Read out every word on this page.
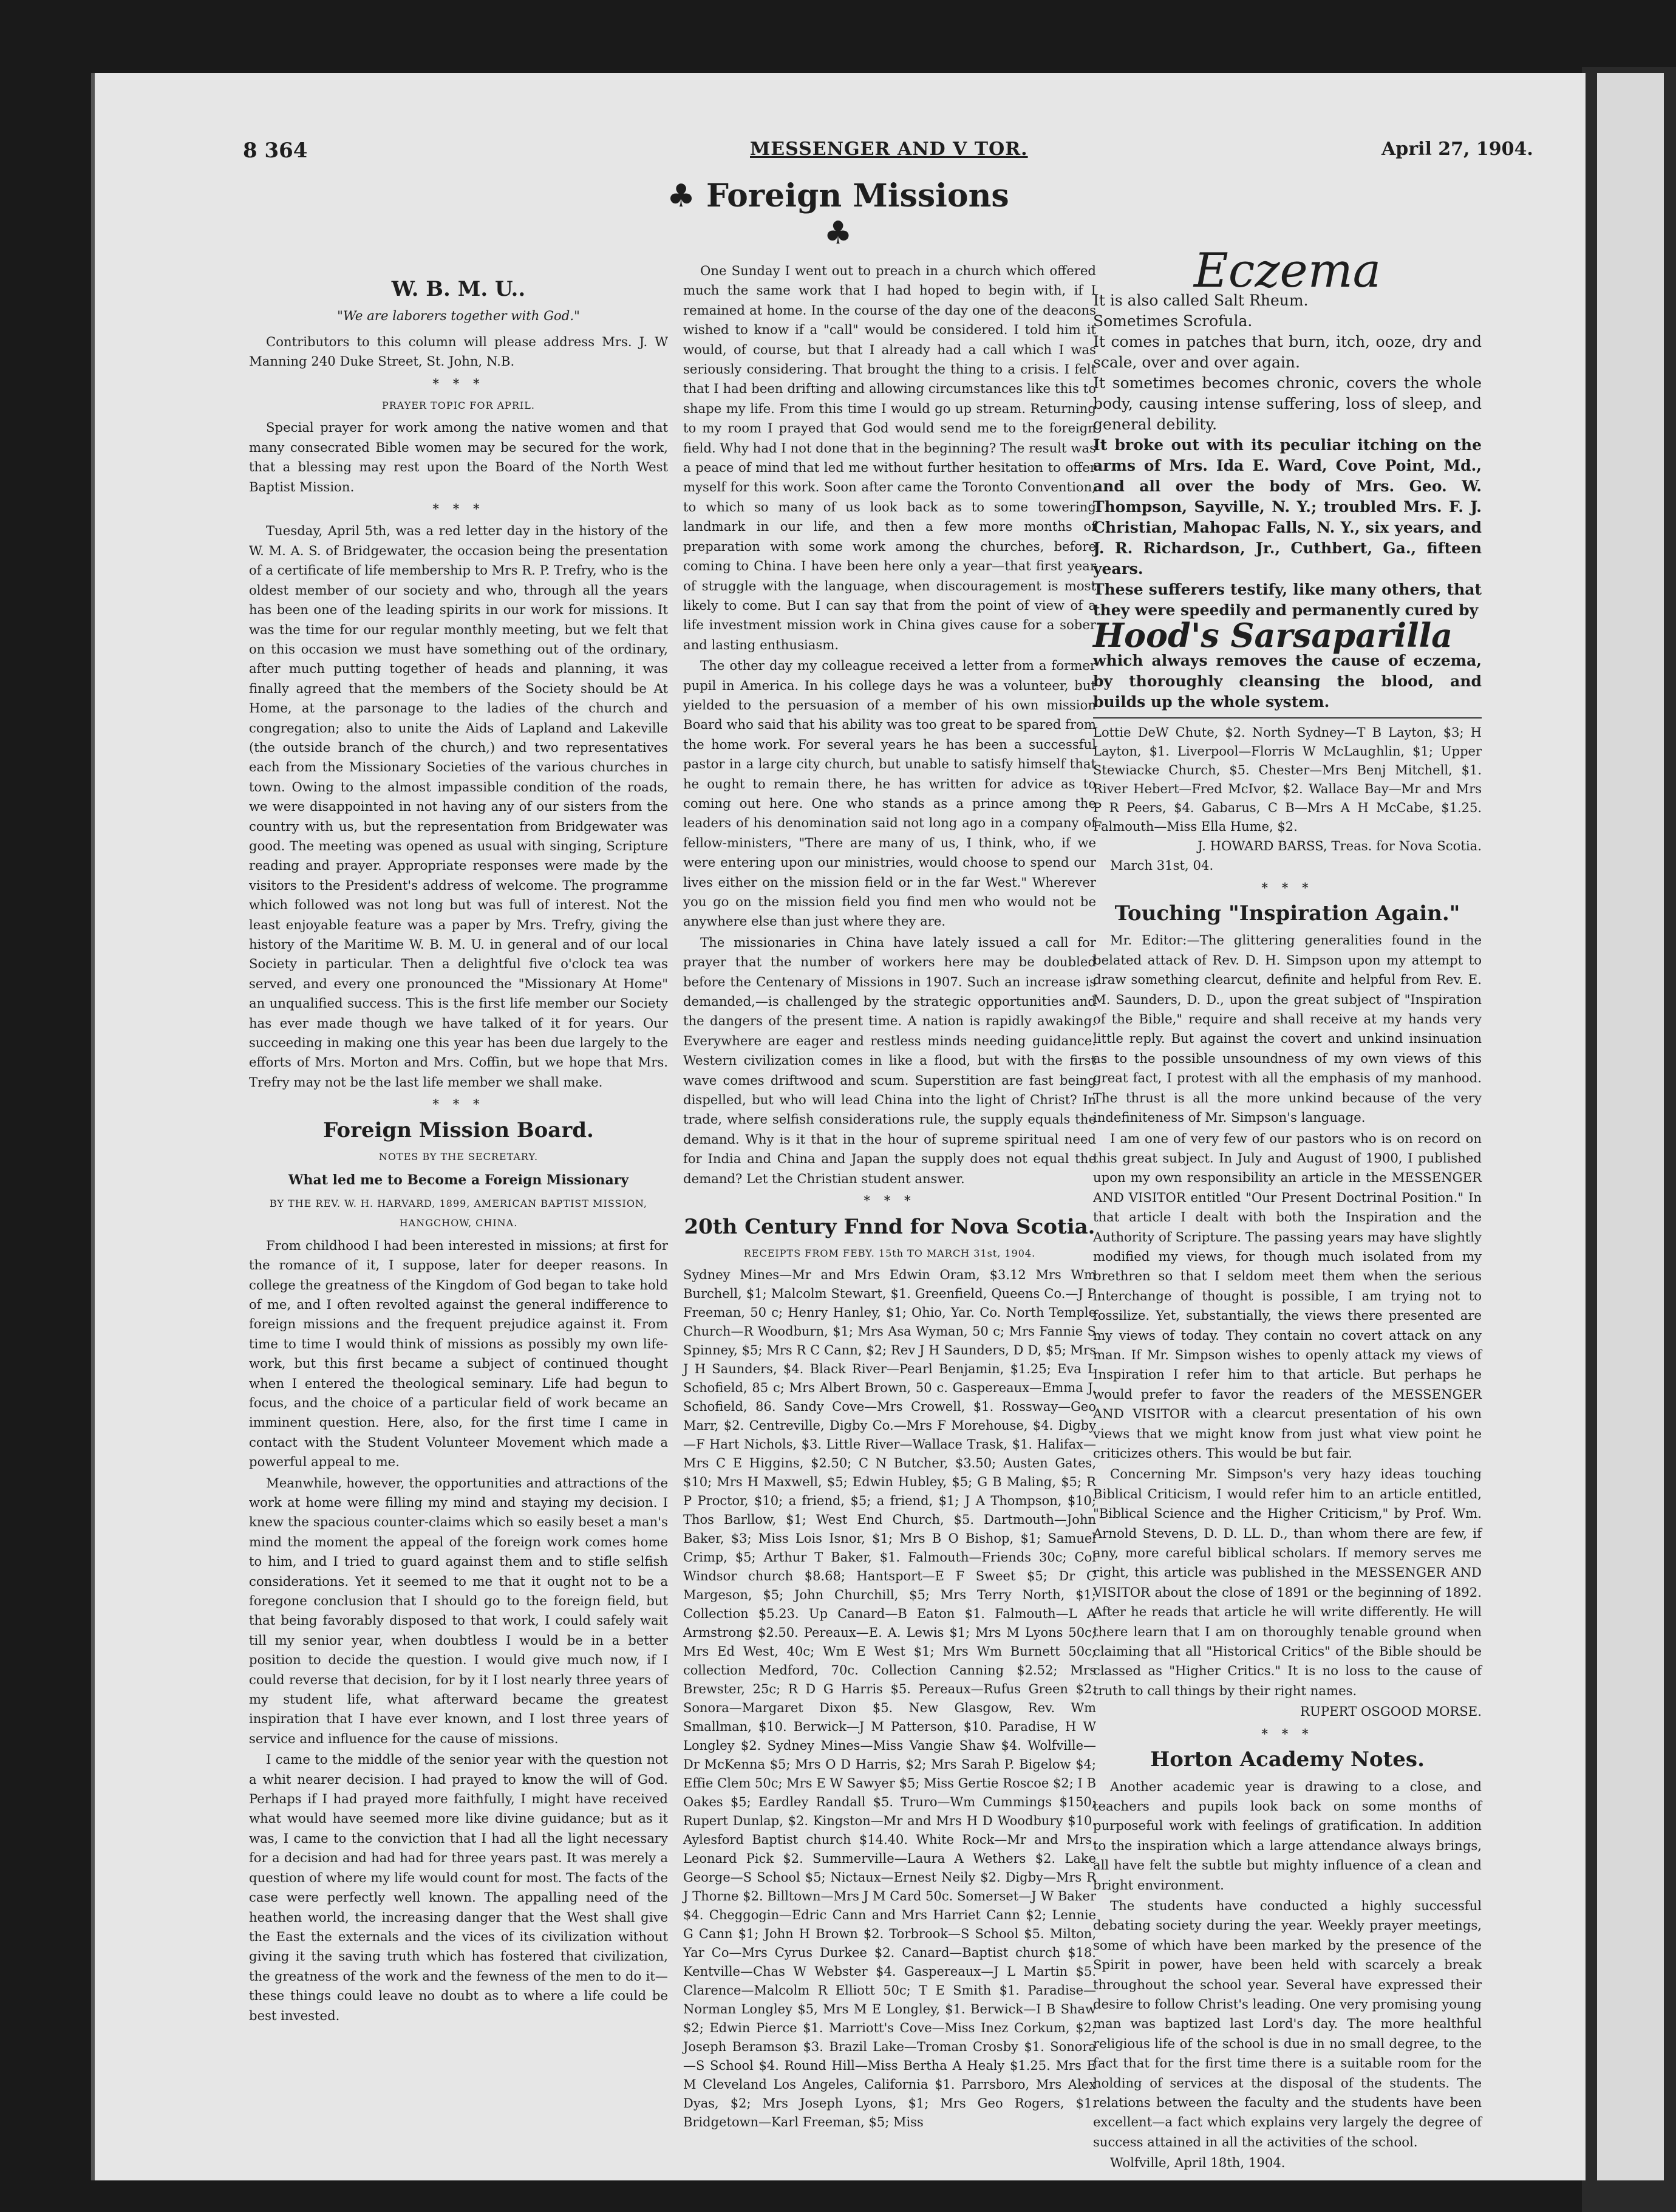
8 364	MESSENGER AND V TOR.	April 27, 1904.
♣ Foreign Missions ♣
W. B. M. U..
"We are laborers together with God."

Contributors to this column will please address Mrs. J. W Manning 240 Duke Street, St. John, N.B.

* * *
PRAYER TOPIC FOR APRIL.

Special prayer for work among the native women and that many consecrated Bible women may be secured for the work, that a blessing may rest upon the Board of the North West Baptist Mission.

* * *

Tuesday, April 5th, was a red letter day in the history of the W. M. A. S. of Bridgewater, the occasion being the presentation of a certificate of life membership to Mrs R. P. Trefry, who is the oldest member of our society and who, through all the years has been one of the leading spirits in our work for missions. It was the time for our regular monthly meeting, but we felt that on this occasion we must have something out of the ordinary, after much putting together of heads and planning, it was finally agreed that the members of the Society should be At Home, at the parsonage to the ladies of the church and congregation; also to unite the Aids of Lapland and Lakeville (the outside branch of the church,) and two representatives each from the Missionary Societies of the various churches in town. Owing to the almost impassible condition of the roads, we were disappointed in not having any of our sisters from the country with us, but the representation from Bridgewater was good. The meeting was opened as usual with singing, Scripture reading and prayer. Appropriate responses were made by the visitors to the President's address of welcome. The programme which followed was not long but was full of interest. Not the least enjoyable feature was a paper by Mrs. Trefry, giving the history of the Maritime W. B. M. U. in general and of our local Society in particular. Then a delightful five o'clock tea was served, and every one pronounced the "Missionary At Home" an unqualified success. This is the first life member our Society has ever made though we have talked of it for years. Our succeeding in making one this year has been due largely to the efforts of Mrs. Morton and Mrs. Coffin, but we hope that Mrs. Trefry may not be the last life member we shall make.

* * *
Foreign Mission Board.
NOTES BY THE SECRETARY.
What led me to Become a Foreign Missionary
BY THE REV. W. H. HARVARD, 1899, AMERICAN BAPTIST MISSION, HANGCHOW, CHINA.

From childhood I had been interested in missions; at first for the romance of it, I suppose, later for deeper reasons. In college the greatness of the Kingdom of God began to take hold of me, and I often revolted against the general indifference to foreign missions and the frequent prejudice against it. From time to time I would think of missions as possibly my own life-work, but this first became a subject of continued thought when I entered the theological seminary. Life had begun to focus, and the choice of a particular field of work became an imminent question. Here, also, for the first time I came in contact with the Student Volunteer Movement which made a powerful appeal to me.

Meanwhile, however, the opportunities and attractions of the work at home were filling my mind and staying my decision. I knew the spacious counter-claims which so easily beset a man's mind the moment the appeal of the foreign work comes home to him, and I tried to guard against them and to stifle selfish considerations. Yet it seemed to me that it ought not to be a foregone conclusion that I should go to the foreign field, but that being favorably disposed to that work, I could safely wait till my senior year, when doubtless I would be in a better position to decide the question. I would give much now, if I could reverse that decision, for by it I lost nearly three years of my student life, what afterward became the greatest inspiration that I have ever known, and I lost three years of service and influence for the cause of missions.

I came to the middle of the senior year with the question not a whit nearer decision. I had prayed to know the will of God. Perhaps if I had prayed more faithfully, I might have received what would have seemed more like divine guidance; but as it was, I came to the conviction that I had all the light necessary for a decision and had had for three years past. It was merely a question of where my life would count for most. The facts of the case were perfectly well known. The appalling need of the heathen world, the increasing danger that the West shall give the East the externals and the vices of its civilization without giving it the saving truth which has fostered that civilization, the greatness of the work and the fewness of the men to do it—these things could leave no doubt as to where a life could be best invested.

One Sunday I went out to preach in a church which offered much the same work that I had hoped to begin with, if I remained at home. In the course of the day one of the deacons wished to know if a "call" would be considered. I told him it would, of course, but that I already had a call which I was seriously considering. That brought the thing to a crisis. I felt that I had been drifting and allowing circumstances like this to shape my life. From this time I would go up stream. Returning to my room I prayed that God would send me to the foreign field. Why had I not done that in the beginning? The result was a peace of mind that led me without further hesitation to offer myself for this work. Soon after came the Toronto Convention, to which so many of us look back as to some towering landmark in our life, and then a few more months of preparation with some work among the churches, before coming to China. I have been here only a year—that first year of struggle with the language, when discouragement is most likely to come. But I can say that from the point of view of a life investment mission work in China gives cause for a sober and lasting enthusiasm.

The other day my colleague received a letter from a former pupil in America. In his college days he was a volunteer, but yielded to the persuasion of a member of his own mission Board who said that his ability was too great to be spared from the home work. For several years he has been a successful pastor in a large city church, but unable to satisfy himself that he ought to remain there, he has written for advice as to coming out here. One who stands as a prince among the leaders of his denomination said not long ago in a company of fellow-ministers, "There are many of us, I think, who, if we were entering upon our ministries, would choose to spend our lives either on the mission field or in the far West." Wherever you go on the mission field you find men who would not be anywhere else than just where they are.

The missionaries in China have lately issued a call for prayer that the number of workers here may be doubled before the Centenary of Missions in 1907. Such an increase is demanded,—is challenged by the strategic opportunities and the dangers of the present time. A nation is rapidly awaking. Everywhere are eager and restless minds needing guidance. Western civilization comes in like a flood, but with the first wave comes driftwood and scum. Superstition are fast being dispelled, but who will lead China into the light of Christ? In trade, where selfish considerations rule, the supply equals the demand. Why is it that in the hour of supreme spiritual need for India and China and Japan the supply does not equal the demand? Let the Christian student answer.

* * *
20th Century Fnnd for Nova Scotia.
RECEIPTS FROM FEBY. 15th TO MARCH 31st, 1904.
Sydney Mines—Mr and Mrs Edwin Oram, $3.12 Mrs Wm Burchell, $1; Malcolm Stewart, $1. Greenfield, Queens Co.—J P Freeman, 50 c; Henry Hanley, $1; Ohio, Yar. Co. North Temple Church—R Woodburn, $1; Mrs Asa Wyman, 50 c; Mrs Fannie S Spinney, $5; Mrs R C Cann, $2; Rev J H Saunders, D D, $5; Mrs J H Saunders, $4. Black River—Pearl Benjamin, $1.25; Eva L Schofield, 85 c; Mrs Albert Brown, 50 c. Gaspereaux—Emma J. Schofield, 86. Sandy Cove—Mrs Crowell, $1. Rossway—Geo Marr, $2. Centreville, Digby Co.—Mrs F Morehouse, $4. Digby—F Hart Nichols, $3. Little River—Wallace Trask, $1. Halifax—Mrs C E Higgins, $2.50; C N Butcher, $3.50; Austen Gates, $10; Mrs H Maxwell, $5; Edwin Hubley, $5; G B Maling, $5; R P Proctor, $10; a friend, $5; a friend, $1; J A Thompson, $10; Thos Barllow, $1; West End Church, $5. Dartmouth—John Baker, $3; Miss Lois Isnor, $1; Mrs B O Bishop, $1; Samuel Crimp, $5; Arthur T Baker, $1. Falmouth—Friends 30c; Col Windsor church $8.68; Hantsport—E F Sweet $5; Dr C Margeson, $5; John Churchill, $5; Mrs Terry North, $1; Collection $5.23. Up Canard—B Eaton $1. Falmouth—L A Armstrong $2.50. Pereaux—E. A. Lewis $1; Mrs M Lyons 50c; Mrs Ed West, 40c; Wm E West $1; Mrs Wm Burnett 50c; collection Medford, 70c. Collection Canning $2.52; Mrs Brewster, 25c; R D G Harris $5. Pereaux—Rufus Green $2. Sonora—Margaret Dixon $5. New Glasgow, Rev. Wm Smallman, $10. Berwick—J M Patterson, $10. Paradise, H W Longley $2. Sydney Mines—Miss Vangie Shaw $4. Wolfville—Dr McKenna $5; Mrs O D Harris, $2; Mrs Sarah P. Bigelow $4; Effie Clem 50c; Mrs E W Sawyer $5; Miss Gertie Roscoe $2; I B Oakes $5; Eardley Randall $5. Truro—Wm Cummings $150; Rupert Dunlap, $2. Kingston—Mr and Mrs H D Woodbury $10. Aylesford Baptist church $14.40. White Rock—Mr and Mrs. Leonard Pick $2. Summerville—Laura A Wethers $2. Lake George—S School $5; Nictaux—Ernest Neily $2. Digby—Mrs R J Thorne $2. Billtown—Mrs J M Card 50c. Somerset—J W Baker $4. Cheggogin—Edric Cann and Mrs Harriet Cann $2; Lennie G Cann $1; John H Brown $2. Torbrook—S School $5. Milton, Yar Co—Mrs Cyrus Durkee $2. Canard—Baptist church $18. Kentville—Chas W Webster $4. Gaspereaux—J L Martin $5. Clarence—Malcolm R Elliott 50c; T E Smith $1. Paradise—Norman Longley $5, Mrs M E Longley, $1. Berwick—I B Shaw $2; Edwin Pierce $1. Marriott's Cove—Miss Inez Corkum, $2; Joseph Beramson $3. Brazil Lake—Troman Crosby $1. Sonora—S School $4. Round Hill—Miss Bertha A Healy $1.25. Mrs E M Cleveland Los Angeles, California $1. Parrsboro, Mrs Alex Dyas, $2; Mrs Joseph Lyons, $1; Mrs Geo Rogers, $1. Bridgetown—Karl Freeman, $5; Miss
Eczema
It is also called Salt Rheum.
Sometimes Scrofula.
It comes in patches that burn, itch, ooze, dry and scale, over and over again.
It sometimes becomes chronic, covers the whole body, causing intense suffering, loss of sleep, and general debility.
It broke out with its peculiar itching on the arms of Mrs. Ida E. Ward, Cove Point, Md., and all over the body of Mrs. Geo. W. Thompson, Sayville, N. Y.; troubled Mrs. F. J. Christian, Mahopac Falls, N. Y., six years, and J. R. Richardson, Jr., Cuthbert, Ga., fifteen years.
These sufferers testify, like many others, that they were speedily and permanently cured by
Hood's Sarsaparilla
which always removes the cause of eczema, by thoroughly cleansing the blood, and builds up the whole system.
Lottie DeW Chute, $2. North Sydney—T B Layton, $3; H Layton, $1. Liverpool—Florris W McLaughlin, $1; Upper Stewiacke Church, $5. Chester—Mrs Benj Mitchell, $1. River Hebert—Fred McIvor, $2. Wallace Bay—Mr and Mrs P R Peers, $4. Gabarus, C B—Mrs A H McCabe, $1.25. Falmouth—Miss Ella Hume, $2.
J. HOWARD BARSS, Treas. for Nova Scotia.

March 31st, 04.

* * *
Touching "Inspiration Again."

Mr. Editor:—The glittering generalities found in the belated attack of Rev. D. H. Simpson upon my attempt to draw something clearcut, definite and helpful from Rev. E. M. Saunders, D. D., upon the great subject of "Inspiration of the Bible," require and shall receive at my hands very little reply. But against the covert and unkind insinuation as to the possible unsoundness of my own views of this great fact, I protest with all the emphasis of my manhood. The thrust is all the more unkind because of the very indefiniteness of Mr. Simpson's language.

I am one of very few of our pastors who is on record on this great subject. In July and August of 1900, I published upon my own responsibility an article in the MESSENGER AND VISITOR entitled "Our Present Doctrinal Position." In that article I dealt with both the Inspiration and the Authority of Scripture. The passing years may have slightly modified my views, for though much isolated from my brethren so that I seldom meet them when the serious interchange of thought is possible, I am trying not to fossilize. Yet, substantially, the views there presented are my views of today. They contain no covert attack on any man. If Mr. Simpson wishes to openly attack my views of Inspiration I refer him to that article. But perhaps he would prefer to favor the readers of the MESSENGER AND VISITOR with a clearcut presentation of his own views that we might know from just what view point he criticizes others. This would be but fair.

Concerning Mr. Simpson's very hazy ideas touching Biblical Criticism, I would refer him to an article entitled, "Biblical Science and the Higher Criticism," by Prof. Wm. Arnold Stevens, D. D. LL. D., than whom there are few, if any, more careful biblical scholars. If memory serves me right, this article was published in the MESSENGER AND VISITOR about the close of 1891 or the beginning of 1892. After he reads that article he will write differently. He will there learn that I am on thoroughly tenable ground when claiming that all "Historical Critics" of the Bible should be classed as "Higher Critics." It is no loss to the cause of truth to call things by their right names.

RUPERT OSGOOD MORSE.
* * *
Horton Academy Notes.

Another academic year is drawing to a close, and teachers and pupils look back on some months of purposeful work with feelings of gratification. In addition to the inspiration which a large attendance always brings, all have felt the subtle but mighty influence of a clean and bright environment.

The students have conducted a highly successful debating society during the year. Weekly prayer meetings, some of which have been marked by the presence of the Spirit in power, have been held with scarcely a break throughout the school year. Several have expressed their desire to follow Christ's leading. One very promising young man was baptized last Lord's day. The more healthful religious life of the school is due in no small degree, to the fact that for the first time there is a suitable room for the holding of services at the disposal of the students. The relations between the faculty and the students have been excellent—a fact which explains very largely the degree of success attained in all the activities of the school.

Wolfville, April 18th, 1904.
